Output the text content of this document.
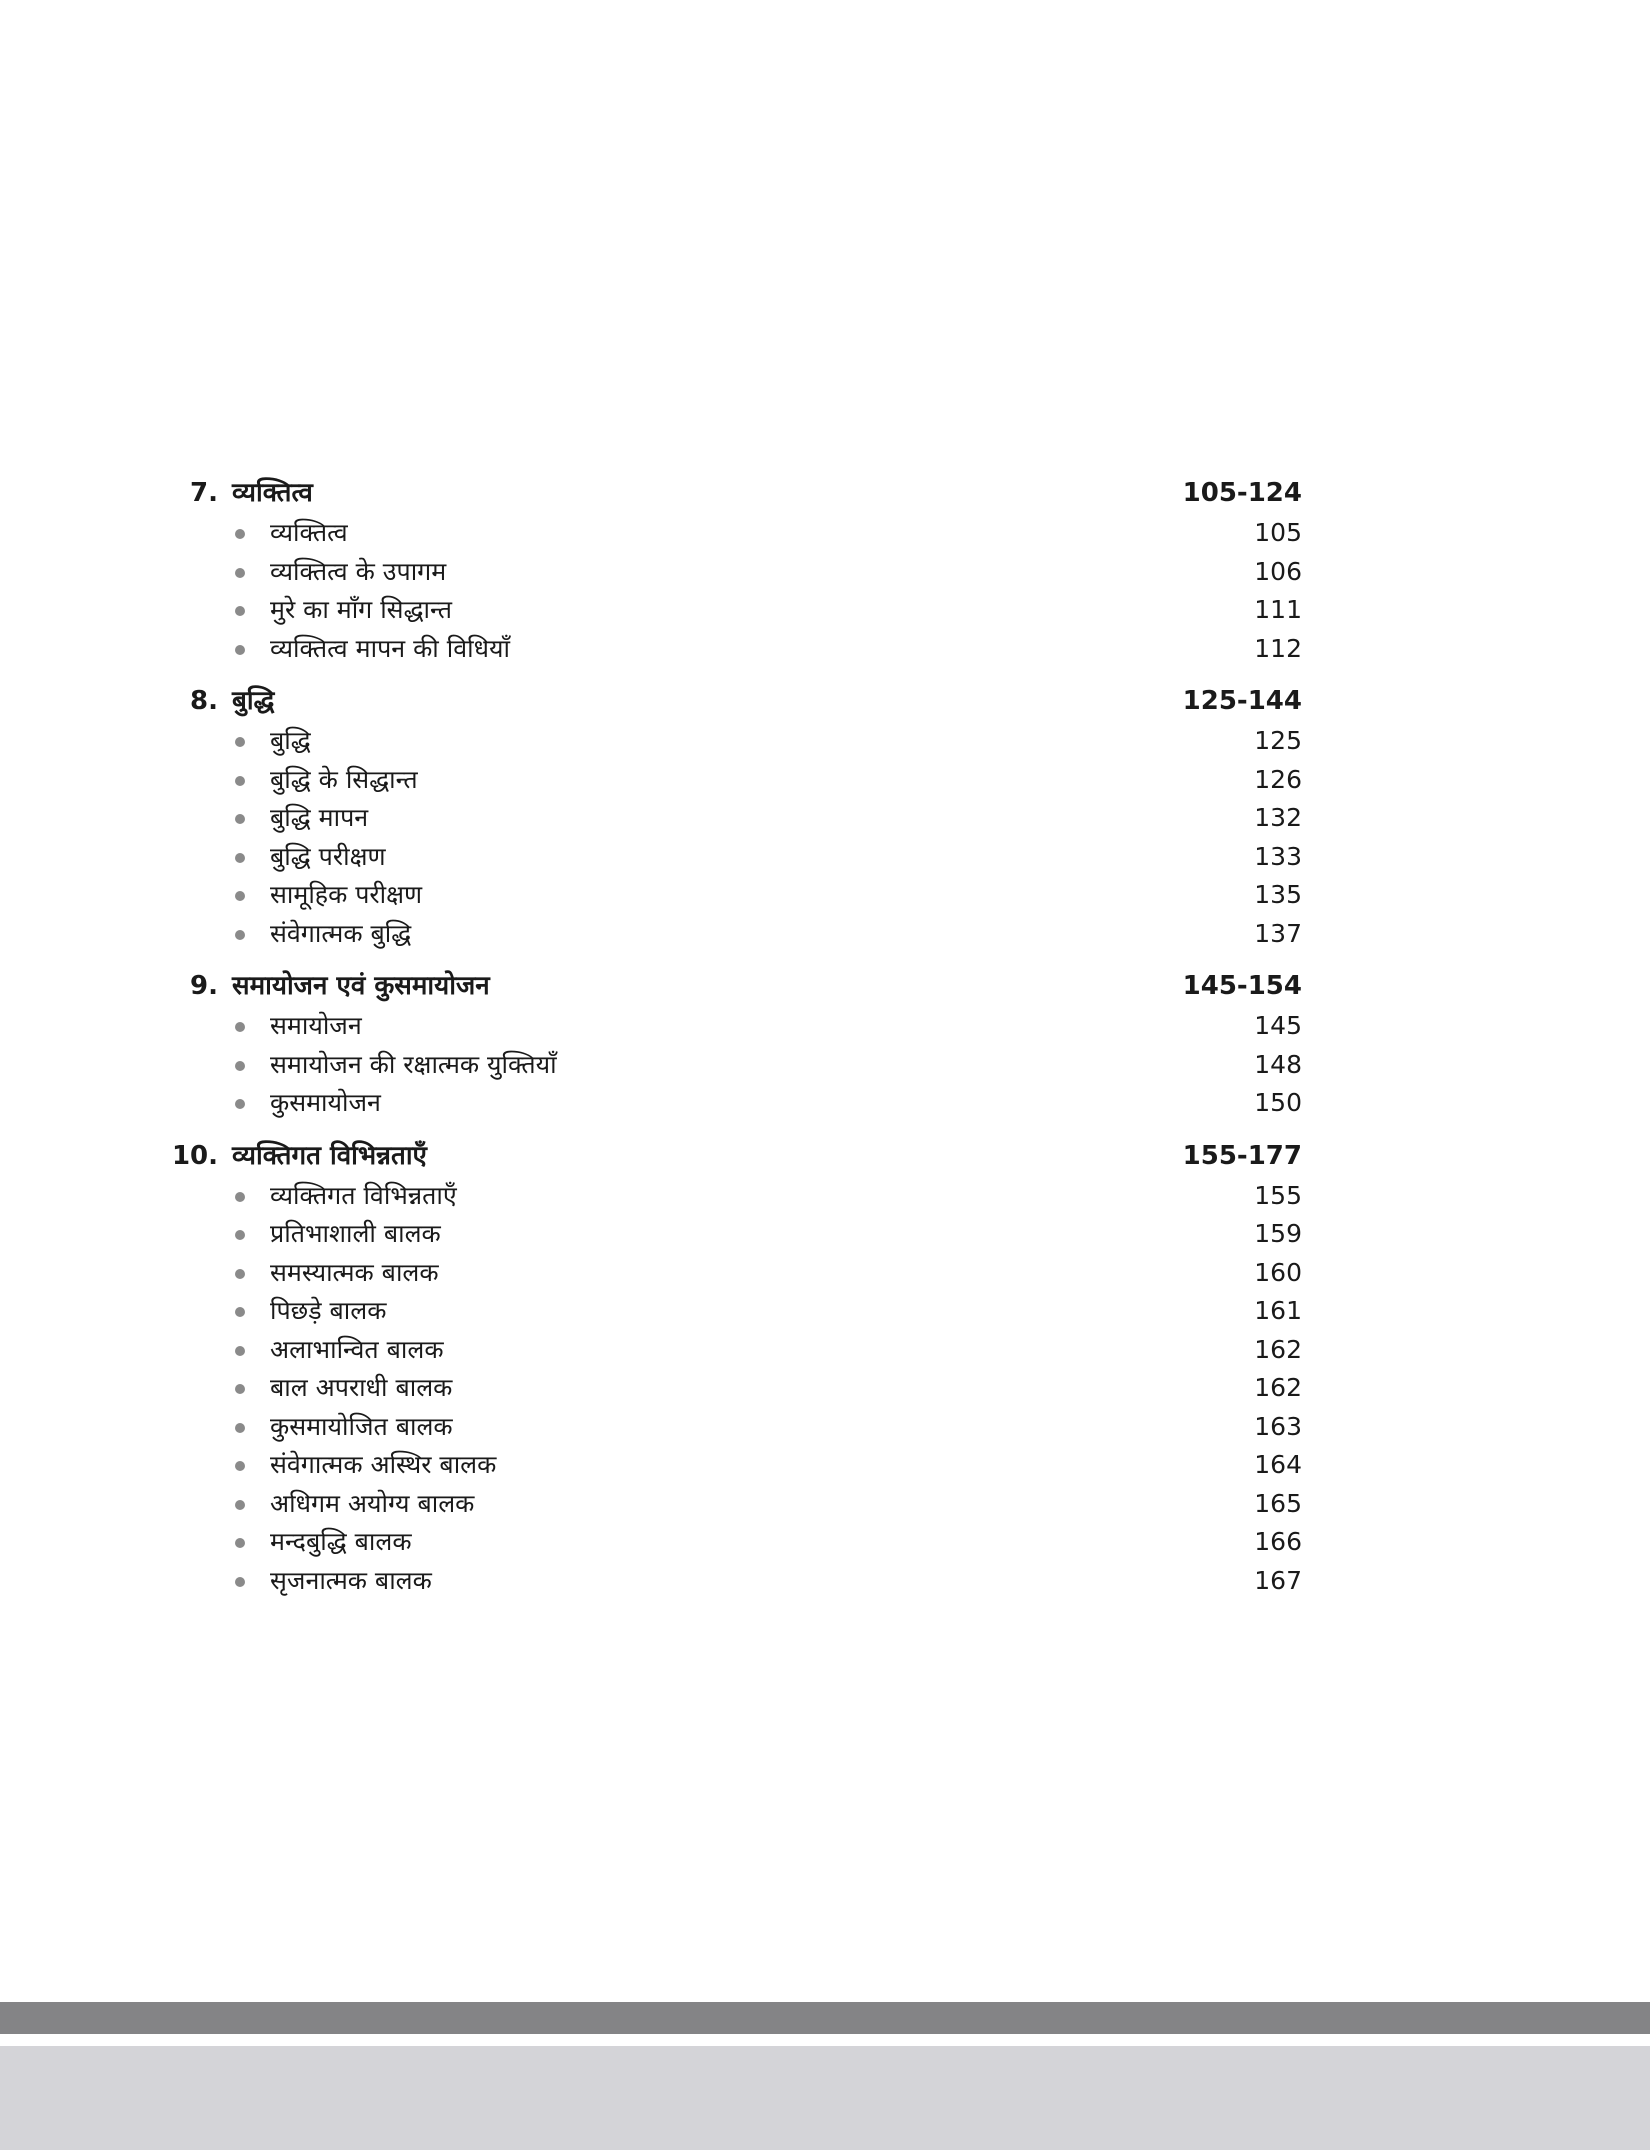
7. व्यक्तित्व	105-124
व्यक्तित्व	105
व्यक्तित्व के उपागम	106
मुरे का माँग सिद्धान्त	111
व्यक्तित्व मापन की विधियाँ	112
8. बुद्धि	125-144
बुद्धि	125
बुद्धि के सिद्धान्त	126
बुद्धि मापन	132
बुद्धि परीक्षण	133
सामूहिक परीक्षण	135
संवेगात्मक बुद्धि	137
9. समायोजन एवं कुसमायोजन	145-154
समायोजन	145
समायोजन की रक्षात्मक युक्तियाँ	148
कुसमायोजन	150
10. व्यक्तिगत विभिन्नताएँ	155-177
व्यक्तिगत विभिन्नताएँ	155
प्रतिभाशाली बालक	159
समस्यात्मक बालक	160
पिछड़े बालक	161
अलाभान्वित बालक	162
बाल अपराधी बालक	162
कुसमायोजित बालक	163
संवेगात्मक अस्थिर बालक	164
अधिगम अयोग्य बालक	165
मन्दबुद्धि बालक	166
सृजनात्मक बालक	167
